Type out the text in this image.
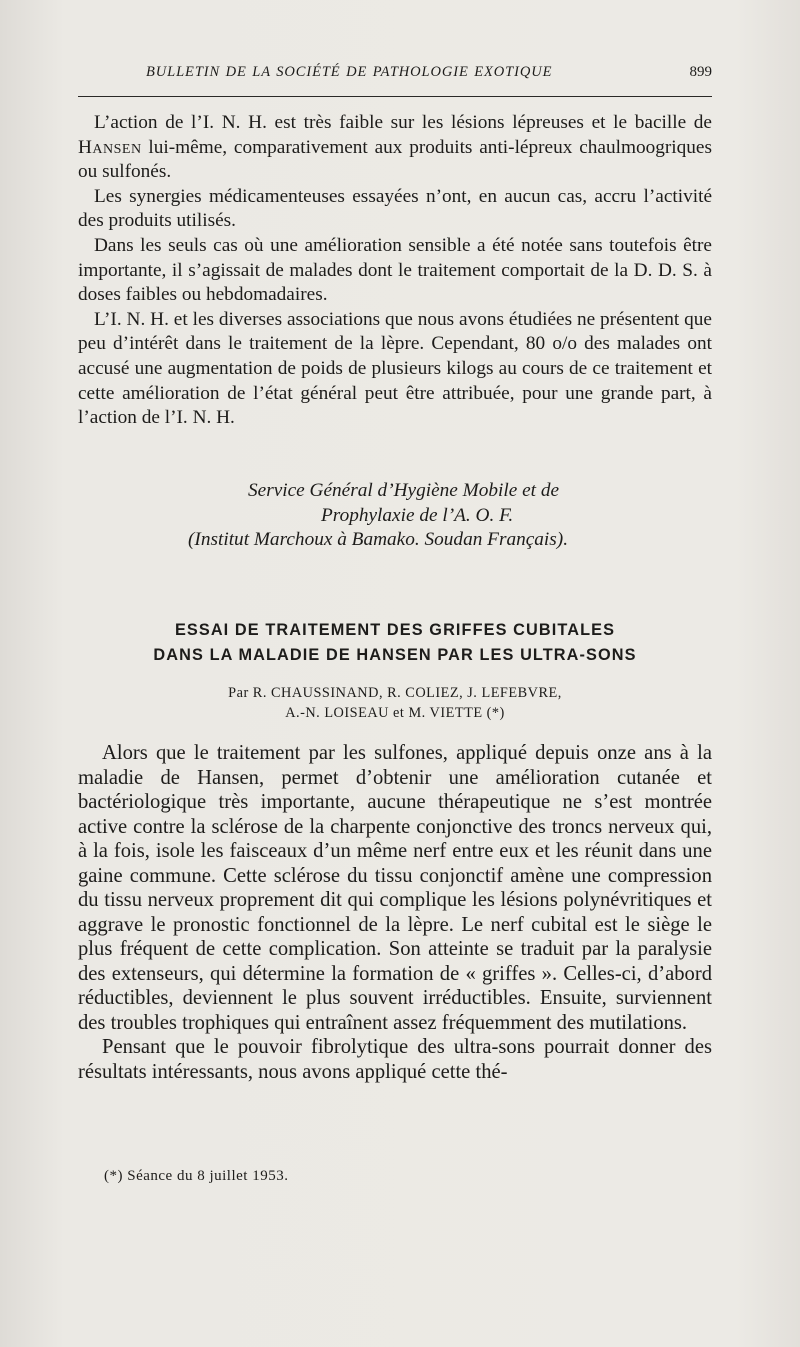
BULLETIN DE LA SOCIÉTÉ DE PATHOLOGIE EXOTIQUE	899

L’action de l’I. N. H. est très faible sur les lésions lépreuses et le bacille de Hansen lui-même, comparativement aux produits anti-lépreux chaulmoogriques ou sulfonés.

Les synergies médicamenteuses essayées n’ont, en aucun cas, accru l’activité des produits utilisés.

Dans les seuls cas où une amélioration sensible a été notée sans toutefois être importante, il s’agissait de malades dont le traitement comportait de la D. D. S. à doses faibles ou hebdomadaires.

L’I. N. H. et les diverses associations que nous avons étudiées ne présentent que peu d’intérêt dans le traitement de la lèpre. Cependant, 80 o/o des malades ont accusé une augmentation de poids de plusieurs kilogs au cours de ce traitement et cette amélioration de l’état général peut être attribuée, pour une grande part, à l’action de l’I. N. H.

Service Général d’Hygiène Mobile et de
Prophylaxie de l’A. O. F.
(Institut Marchoux à Bamako. Soudan Français).
ESSAI DE TRAITEMENT DES GRIFFES CUBITALES
DANS LA MALADIE DE HANSEN PAR LES ULTRA-SONS
Par R. CHAUSSINAND, R. COLIEZ, J. LEFEBVRE,
A.-N. LOISEAU et M. VIETTE (*)

Alors que le traitement par les sulfones, appliqué depuis onze ans à la maladie de Hansen, permet d’obtenir une amélioration cutanée et bactériologique très importante, aucune thérapeutique ne s’est montrée active contre la sclérose de la charpente conjonctive des troncs nerveux qui, à la fois, isole les faisceaux d’un même nerf entre eux et les réunit dans une gaine commune. Cette sclérose du tissu conjonctif amène une compression du tissu nerveux proprement dit qui complique les lésions polynévritiques et aggrave le pronostic fonctionnel de la lèpre. Le nerf cubital est le siège le plus fréquent de cette complication. Son atteinte se traduit par la paralysie des extenseurs, qui détermine la formation de « griffes ». Celles-ci, d’abord réductibles, deviennent le plus souvent irréductibles. Ensuite, surviennent des troubles trophiques qui entraînent assez fréquemment des mutilations.

Pensant que le pouvoir fibrolytique des ultra-sons pourrait donner des résultats intéressants, nous avons appliqué cette thé-

(*) Séance du 8 juillet 1953.
